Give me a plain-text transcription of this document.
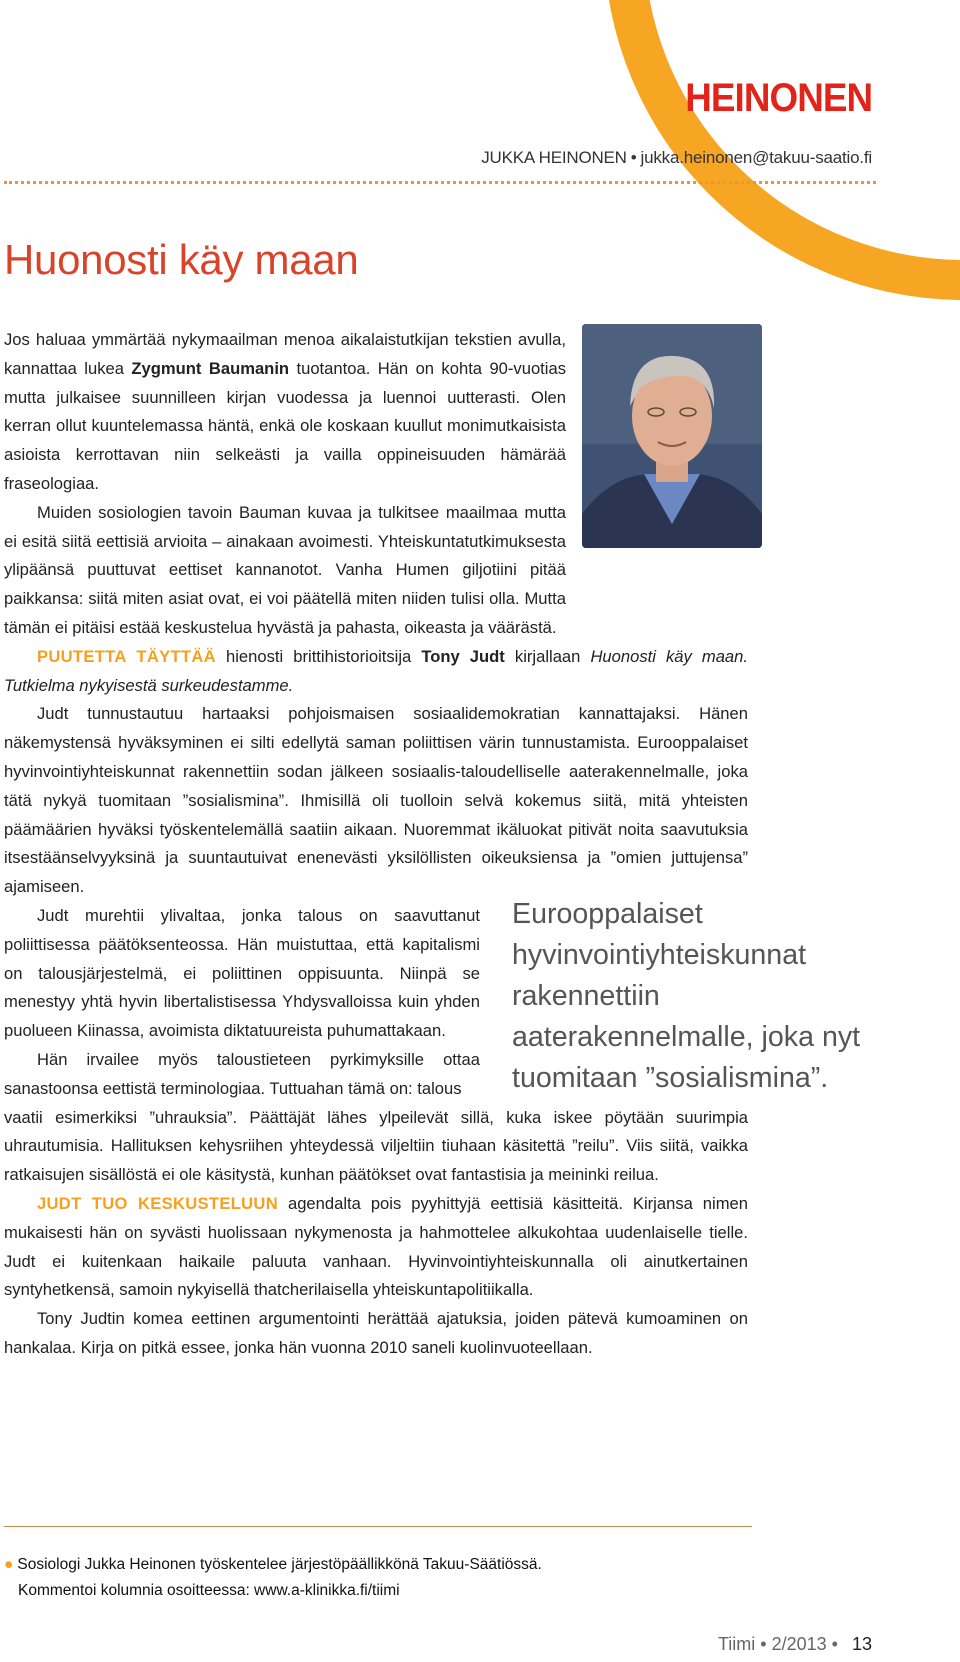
HEINONEN
JUKKA HEINONEN • jukka.heinonen@takuu-saatio.fi
Huonosti käy maan

Jos haluaa ymmärtää nykymaailman menoa aikalaistutkijan tekstien avulla, kannattaa lukea Zygmunt Baumanin tuotantoa. Hän on kohta 90-vuotias mutta julkaisee suunnilleen kirjan vuodessa ja luennoi uutterasti. Olen kerran ollut kuuntelemassa häntä, enkä ole koskaan kuullut monimutkaisista asioista kerrottavan niin selkeästi ja vailla oppineisuuden hämärää fraseologiaa.

Muiden sosiologien tavoin Bauman kuvaa ja tulkitsee maailmaa mutta ei esitä siitä eettisiä arvioita – ainakaan avoimesti. Yhteiskuntatutkimuksesta ylipäänsä puuttuvat eettiset kannanotot. Vanha Humen giljotiini pitää paikkansa: siitä miten asiat ovat, ei voi päätellä miten niiden tulisi olla. Mutta tämän ei pitäisi estää keskustelua hyvästä ja pahasta, oikeasta ja väärästä.

PUUTETTA TÄYTTÄÄ hienosti brittihistorioitsija Tony Judt kirjallaan Huonosti käy maan. Tutkielma nykyisestä surkeudestamme.

Judt tunnustautuu hartaaksi pohjoismaisen sosiaalidemokratian kannattajaksi. Hänen näkemystensä hyväksyminen ei silti edellytä saman poliittisen värin tunnustamista. Eurooppalaiset hyvinvointiyhteiskunnat rakennettiin sodan jälkeen sosiaalis-taloudelliselle aaterakennelmalle, joka tätä nykyä tuomitaan ”sosialismina”. Ihmisillä oli tuolloin selvä kokemus siitä, mitä yhteisten päämäärien hyväksi työskentelemällä saatiin aikaan. Nuoremmat ikäluokat pitivät noita saavutuksia itsestäänselvyyksinä ja suuntautuivat enenevästi yksilöllisten oikeuksiensa ja ”omien juttujensa” ajamiseen.

Judt murehtii ylivaltaa, jonka talous on saavuttanut poliittisessa päätöksenteossa. Hän muistuttaa, että kapitalismi on talousjärjestelmä, ei poliittinen oppisuunta. Niinpä se menestyy yhtä hyvin libertalistisessa Yhdysvalloissa kuin yhden puolueen Kiinassa, avoimista diktatuureista puhumattakaan.

Hän irvailee myös taloustieteen pyrkimyksille ottaa sanastoonsa eettistä terminologiaa. Tuttuahan tämä on: talous

vaatii esimerkiksi ”uhrauksia”. Päättäjät lähes ylpeilevät sillä, kuka iskee pöytään suurimpia uhrautumisia. Hallituksen kehysriihen yhteydessä viljeltiin tiuhaan käsitettä ”reilu”. Viis siitä, vaikka ratkaisujen sisällöstä ei ole käsitystä, kunhan päätökset ovat fantastisia ja meininki reilua.

JUDT TUO KESKUSTELUUN agendalta pois pyyhittyjä eettisiä käsitteitä. Kirjansa nimen mukaisesti hän on syvästi huolissaan nykymenosta ja hahmottelee alkukohtaa uudenlaiselle tielle. Judt ei kuitenkaan haikaile paluuta vanhaan. Hyvinvointiyhteiskunnalla oli ainutkertainen syntyhetkensä, samoin nykyisellä thatcherilaisella yhteiskuntapolitiikalla.

Tony Judtin komea eettinen argumentointi herättää ajatuksia, joiden pätevä kumoaminen on hankalaa. Kirja on pitkä essee, jonka hän vuonna 2010 saneli kuolinvuoteellaan.

Eurooppalaiset hyvinvointiyhteiskunnat rakennettiin aaterakennelmalle, joka nyt tuomitaan ”sosialismina”.
● Sosiologi Jukka Heinonen työskentelee järjestöpäällikkönä Takuu-Säätiössä.
Kommentoi kolumnia osoitteessa: www.a-klinikka.fi/tiimi
Tiimi • 2/2013 • 13
